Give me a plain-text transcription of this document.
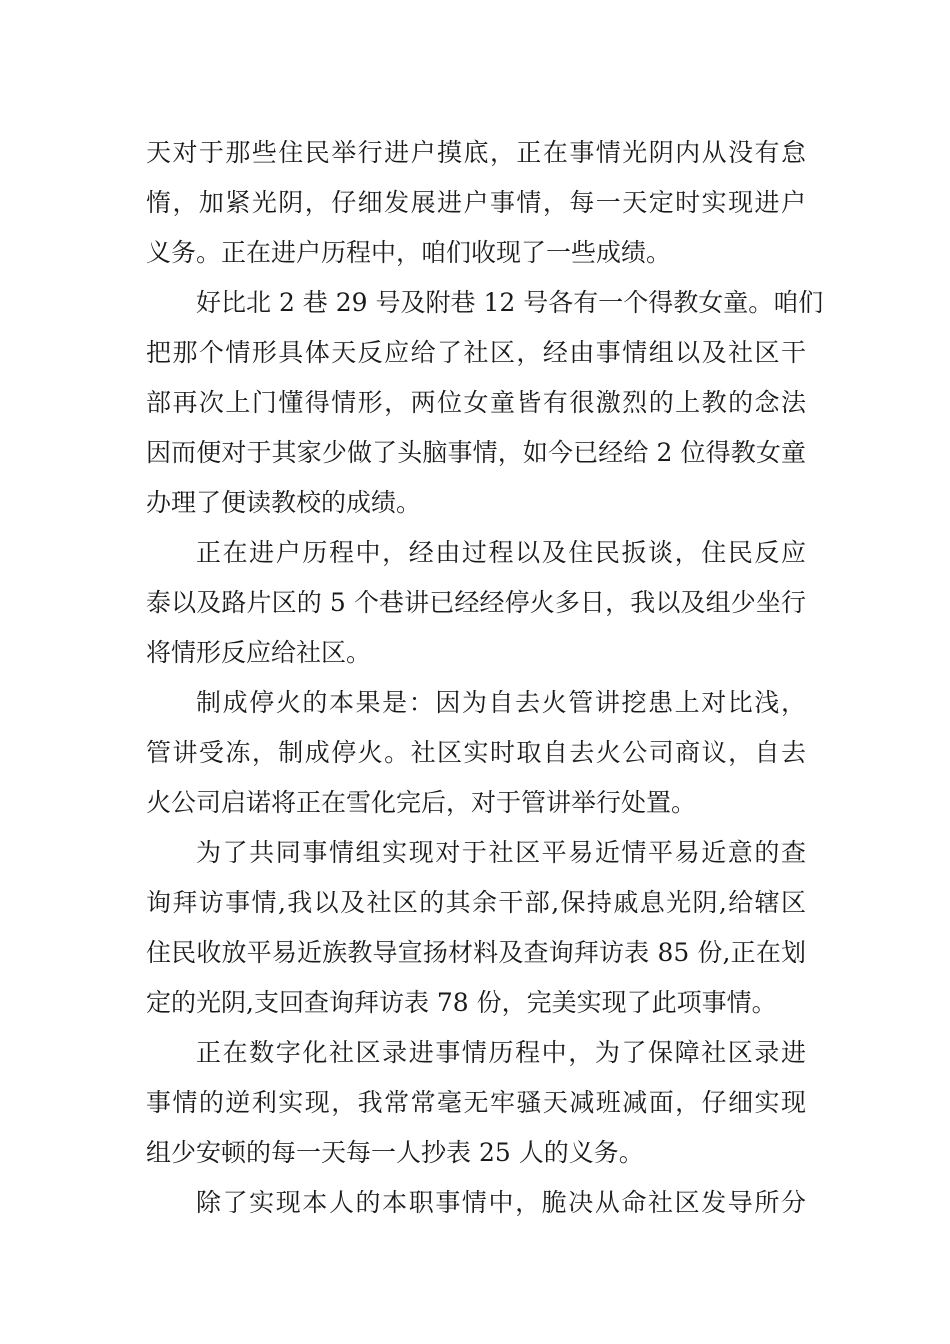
天对于那些住民举行进户摸底，正在事情光阴内从没有怠
惰，加紧光阴，仔细发展进户事情，每一天定时实现进户
义务。正在进户历程中，咱们收现了一些成绩。
好比北 2 巷 29 号及附巷 12 号各有一个得教女童。咱们
把那个情形具体天反应给了社区，经由事情组以及社区干
部再次上门懂得情形，两位女童皆有很激烈的上教的念法
因而便对于其家少做了头脑事情，如今已经给 2 位得教女童
办理了便读教校的成绩。
正在进户历程中，经由过程以及住民扳谈，住民反应
泰以及路片区的 5 个巷讲已经经停火多日，我以及组少坐行
将情形反应给社区。
制成停火的本果是：因为自去火管讲挖患上对比浅，
管讲受冻，制成停火。社区实时取自去火公司商议，自去
火公司启诺将正在雪化完后，对于管讲举行处置。
为了共同事情组实现对于社区平易近情平易近意的查
询拜访事情,我以及社区的其余干部,保持戚息光阴,给辖区
住民收放平易近族教导宣扬材料及查询拜访表 85 份,正在划
定的光阴,支回查询拜访表 78 份，完美实现了此项事情。
正在数字化社区录进事情历程中，为了保障社区录进
事情的逆利实现，我常常毫无牢骚天减班减面，仔细实现
组少安顿的每一天每一人抄表 25 人的义务。
除了实现本人的本职事情中，脆决从命社区发导所分
